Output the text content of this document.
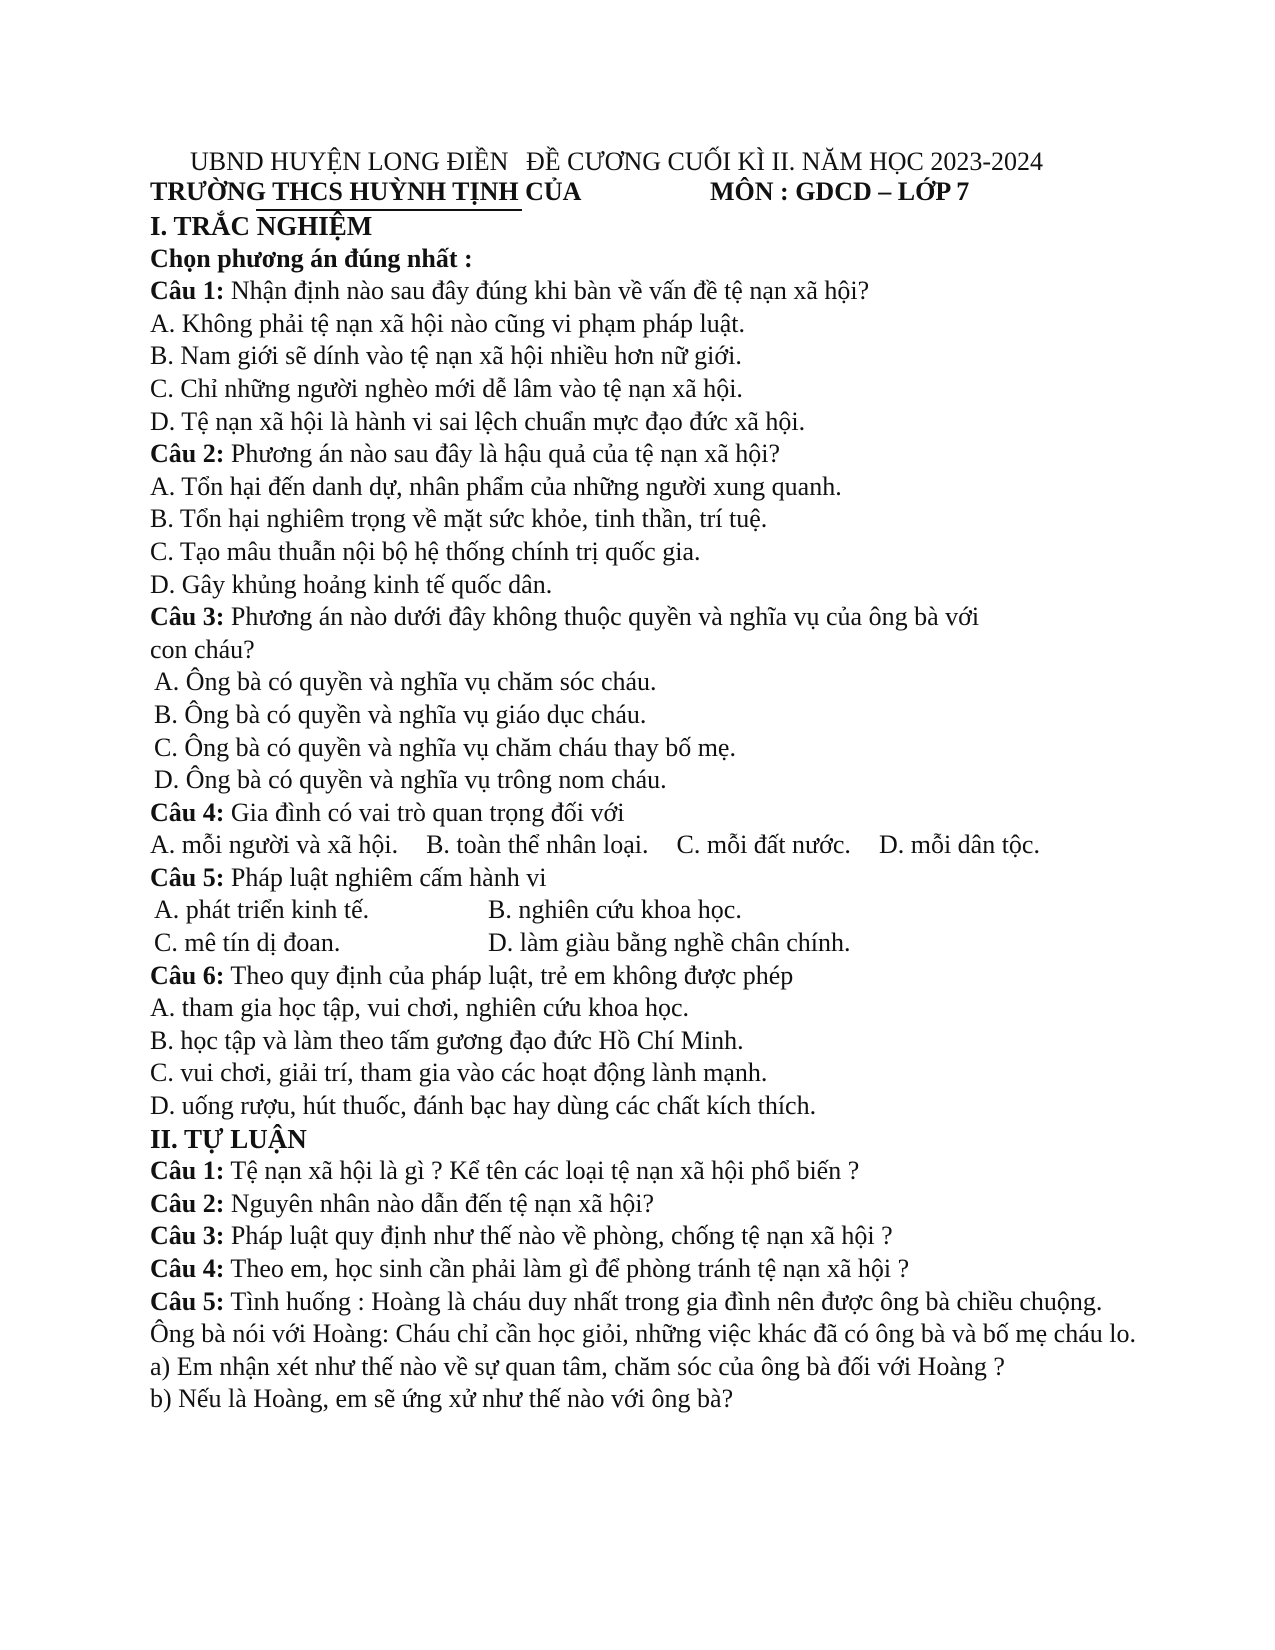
UBND HUYỆN LONG ĐIỀN ĐỀ CƯƠNG CUỐI KÌ II. NĂM HỌC 2023-2024
TRƯỜNG THCS HUỲNH TỊNH CỦA	MÔN : GDCD – LỚP 7
I. TRẮC NGHIỆM
Chọn phương án đúng nhất :
Câu 1: Nhận định nào sau đây đúng khi bàn về vấn đề tệ nạn xã hội?
A. Không phải tệ nạn xã hội nào cũng vi phạm pháp luật.
B. Nam giới sẽ dính vào tệ nạn xã hội nhiều hơn nữ giới.
C. Chỉ những người nghèo mới dễ lâm vào tệ nạn xã hội.
D. Tệ nạn xã hội là hành vi sai lệch chuẩn mực đạo đức xã hội.
Câu 2: Phương án nào sau đây là hậu quả của tệ nạn xã hội?
A. Tổn hại đến danh dự, nhân phẩm của những người xung quanh.
B. Tổn hại nghiêm trọng về mặt sức khỏe, tinh thần, trí tuệ.
C. Tạo mâu thuẫn nội bộ hệ thống chính trị quốc gia.
D. Gây khủng hoảng kinh tế quốc dân.
Câu 3: Phương án nào dưới đây không thuộc quyền và nghĩa vụ của ông bà với
con cháu?
A. Ông bà có quyền và nghĩa vụ chăm sóc cháu.
B. Ông bà có quyền và nghĩa vụ giáo dục cháu.
C. Ông bà có quyền và nghĩa vụ chăm cháu thay bố mẹ.
D. Ông bà có quyền và nghĩa vụ trông nom cháu.
Câu 4: Gia đình có vai trò quan trọng đối với
A. mỗi người và xã hội. B. toàn thể nhân loại. C. mỗi đất nước. D. mỗi dân tộc.
Câu 5: Pháp luật nghiêm cấm hành vi
A. phát triển kinh tế.	B. nghiên cứu khoa học.
C. mê tín dị đoan.	D. làm giàu bằng nghề chân chính.
Câu 6: Theo quy định của pháp luật, trẻ em không được phép
A. tham gia học tập, vui chơi, nghiên cứu khoa học.
B. học tập và làm theo tấm gương đạo đức Hồ Chí Minh.
C. vui chơi, giải trí, tham gia vào các hoạt động lành mạnh.
D. uống rượu, hút thuốc, đánh bạc hay dùng các chất kích thích.
II. TỰ LUẬN
Câu 1: Tệ nạn xã hội là gì ? Kể tên các loại tệ nạn xã hội phổ biến ?
Câu 2: Nguyên nhân nào dẫn đến tệ nạn xã hội?
Câu 3: Pháp luật quy định như thế nào về phòng, chống tệ nạn xã hội ?
Câu 4: Theo em, học sinh cần phải làm gì để phòng tránh tệ nạn xã hội ?
Câu 5: Tình huống : Hoàng là cháu duy nhất trong gia đình nên được ông bà chiều chuộng. Ông bà nói với Hoàng: Cháu chỉ cần học giỏi, những việc khác đã có ông bà và bố mẹ cháu lo.
a) Em nhận xét như thế nào về sự quan tâm, chăm sóc của ông bà đối với Hoàng ?
b) Nếu là Hoàng, em sẽ ứng xử như thế nào với ông bà?
